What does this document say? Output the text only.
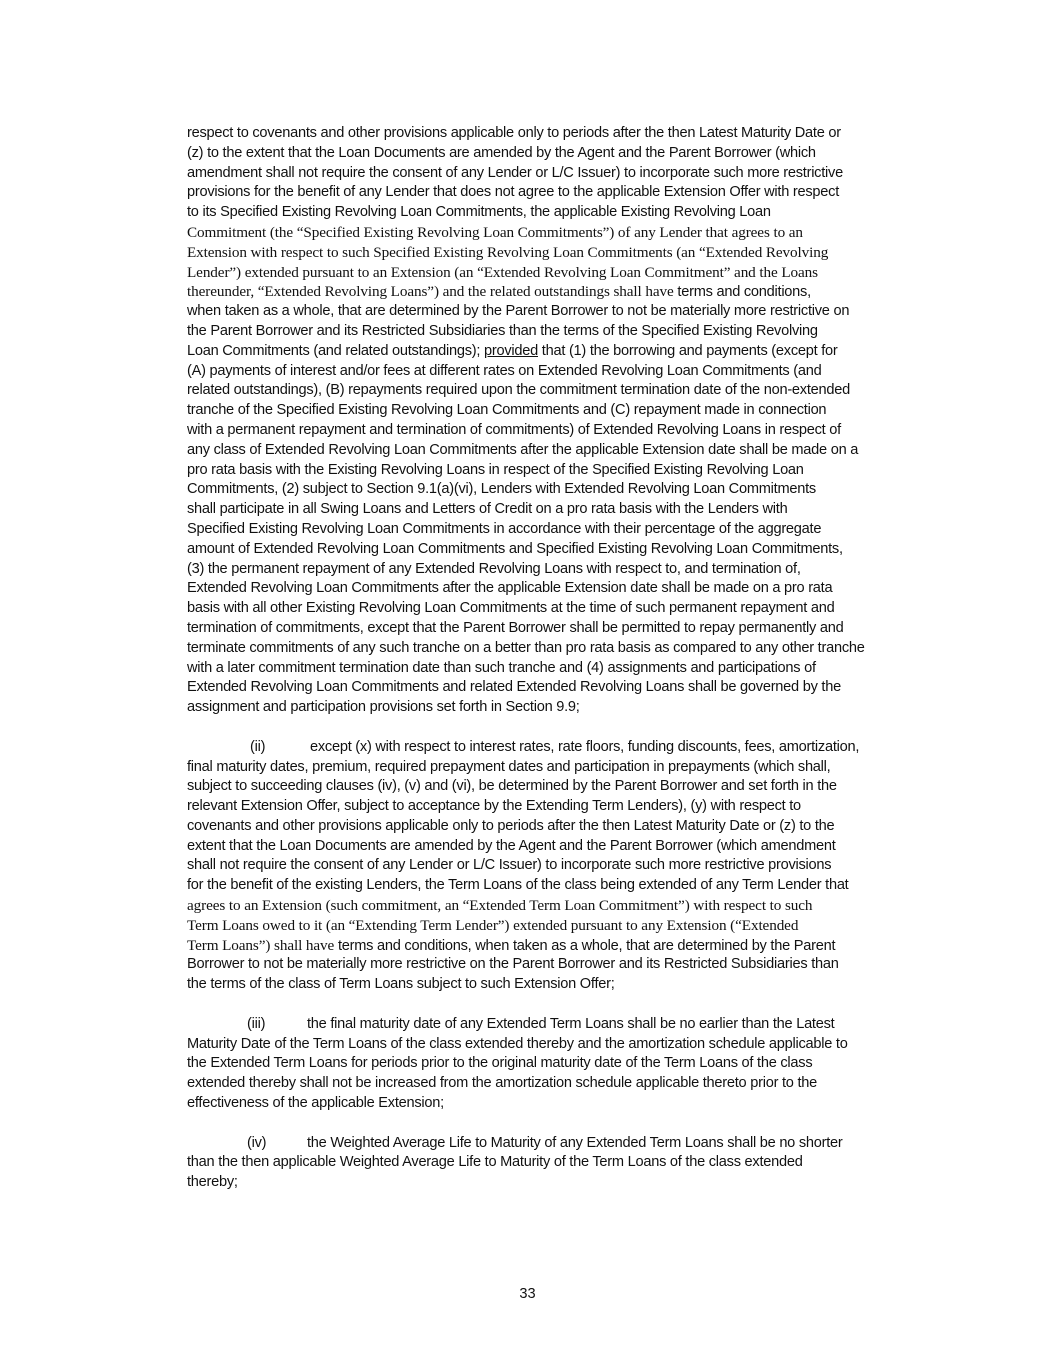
respect to covenants and other provisions applicable only to periods after the then Latest Maturity Date or
(z) to the extent that the Loan Documents are amended by the Agent and the Parent Borrower (which
amendment shall not require the consent of any Lender or L/C Issuer) to incorporate such more restrictive
provisions for the benefit of any Lender that does not agree to the applicable Extension Offer with respect
to its Specified Existing Revolving Loan Commitments, the applicable Existing Revolving Loan
Commitment (the “Specified Existing Revolving Loan Commitments”) of any Lender that agrees to an
Extension with respect to such Specified Existing Revolving Loan Commitments (an “Extended Revolving
Lender”) extended pursuant to an Extension (an “Extended Revolving Loan Commitment” and the Loans
thereunder, “Extended Revolving Loans”) and the related outstandings shall have terms and conditions,
when taken as a whole, that are determined by the Parent Borrower to not be materially more restrictive on
the Parent Borrower and its Restricted Subsidiaries than the terms of the Specified Existing Revolving
Loan Commitments (and related outstandings); provided that (1) the borrowing and payments (except for
(A) payments of interest and/or fees at different rates on Extended Revolving Loan Commitments (and
related outstandings), (B) repayments required upon the commitment termination date of the non-extended
tranche of the Specified Existing Revolving Loan Commitments and (C) repayment made in connection
with a permanent repayment and termination of commitments) of Extended Revolving Loans in respect of
any class of Extended Revolving Loan Commitments after the applicable Extension date shall be made on a
pro rata basis with the Existing Revolving Loans in respect of the Specified Existing Revolving Loan
Commitments, (2) subject to Section 9.1(a)(vi), Lenders with Extended Revolving Loan Commitments
shall participate in all Swing Loans and Letters of Credit on a pro rata basis with the Lenders with
Specified Existing Revolving Loan Commitments in accordance with their percentage of the aggregate
amount of Extended Revolving Loan Commitments and Specified Existing Revolving Loan Commitments,
(3) the permanent repayment of any Extended Revolving Loans with respect to, and termination of,
Extended Revolving Loan Commitments after the applicable Extension date shall be made on a pro rata
basis with all other Existing Revolving Loan Commitments at the time of such permanent repayment and
termination of commitments, except that the Parent Borrower shall be permitted to repay permanently and
terminate commitments of any such tranche on a better than pro rata basis as compared to any other tranche
with a later commitment termination date than such tranche and (4) assignments and participations of
Extended Revolving Loan Commitments and related Extended Revolving Loans shall be governed by the
assignment and participation provisions set forth in Section 9.9;
(ii)	except (x) with respect to interest rates, rate floors, funding discounts, fees, amortization,
final maturity dates, premium, required prepayment dates and participation in prepayments (which shall,
subject to succeeding clauses (iv), (v) and (vi), be determined by the Parent Borrower and set forth in the
relevant Extension Offer, subject to acceptance by the Extending Term Lenders), (y) with respect to
covenants and other provisions applicable only to periods after the then Latest Maturity Date or (z) to the
extent that the Loan Documents are amended by the Agent and the Parent Borrower (which amendment
shall not require the consent of any Lender or L/C Issuer) to incorporate such more restrictive provisions
for the benefit of the existing Lenders, the Term Loans of the class being extended of any Term Lender that
agrees to an Extension (such commitment, an “Extended Term Loan Commitment”) with respect to such
Term Loans owed to it (an “Extending Term Lender”) extended pursuant to any Extension (“Extended
Term Loans”) shall have terms and conditions, when taken as a whole, that are determined by the Parent
Borrower to not be materially more restrictive on the Parent Borrower and its Restricted Subsidiaries than
the terms of the class of Term Loans subject to such Extension Offer;
(iii)	the final maturity date of any Extended Term Loans shall be no earlier than the Latest
Maturity Date of the Term Loans of the class extended thereby and the amortization schedule applicable to
the Extended Term Loans for periods prior to the original maturity date of the Term Loans of the class
extended thereby shall not be increased from the amortization schedule applicable thereto prior to the
effectiveness of the applicable Extension;
(iv)	the Weighted Average Life to Maturity of any Extended Term Loans shall be no shorter
than the then applicable Weighted Average Life to Maturity of the Term Loans of the class extended
thereby;
33
